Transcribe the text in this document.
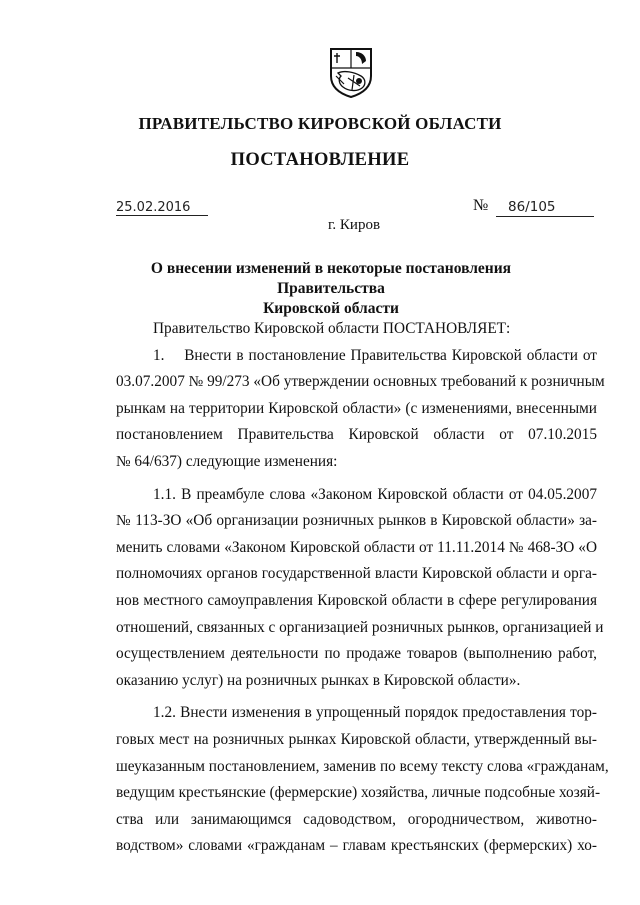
ПРАВИТЕЛЬСТВО КИРОВСКОЙ ОБЛАСТИ
ПОСТАНОВЛЕНИЕ
25.02.2016	№	86/105
г. Киров
О внесении изменений в некоторые постановления Правительства
Кировской области
Правительство Кировской области ПОСТАНОВЛЯЕТ:
1.    Внести в постановление Правительства Кировской области от
03.07.2007 № 99/273 «Об утверждении основных требований к розничным
рынкам на территории Кировской области» (с изменениями, внесенными
постановлением Правительства Кировской области от 07.10.2015
№ 64/637) следующие изменения:
1.1. В преамбуле слова «Законом Кировской области от 04.05.2007
№ 113-ЗО «Об организации розничных рынков в Кировской области» за-
менить словами «Законом Кировской области от 11.11.2014 № 468-ЗО «О
полномочиях органов государственной власти Кировской области и орга-
нов местного самоуправления Кировской области в сфере регулирования
отношений, связанных с организацией розничных рынков, организацией и
осуществлением деятельности по продаже товаров (выполнению работ,
оказанию услуг) на розничных рынках в Кировской области».
1.2. Внести изменения в упрощенный порядок предоставления тор-
говых мест на розничных рынках Кировской области, утвержденный вы-
шеуказанным постановлением, заменив по всему тексту слова «гражданам,
ведущим крестьянские (фермерские) хозяйства, личные подсобные хозяй-
ства или занимающимся садоводством, огородничеством, животно-
водством» словами «гражданам – главам крестьянских (фермерских) хо-
